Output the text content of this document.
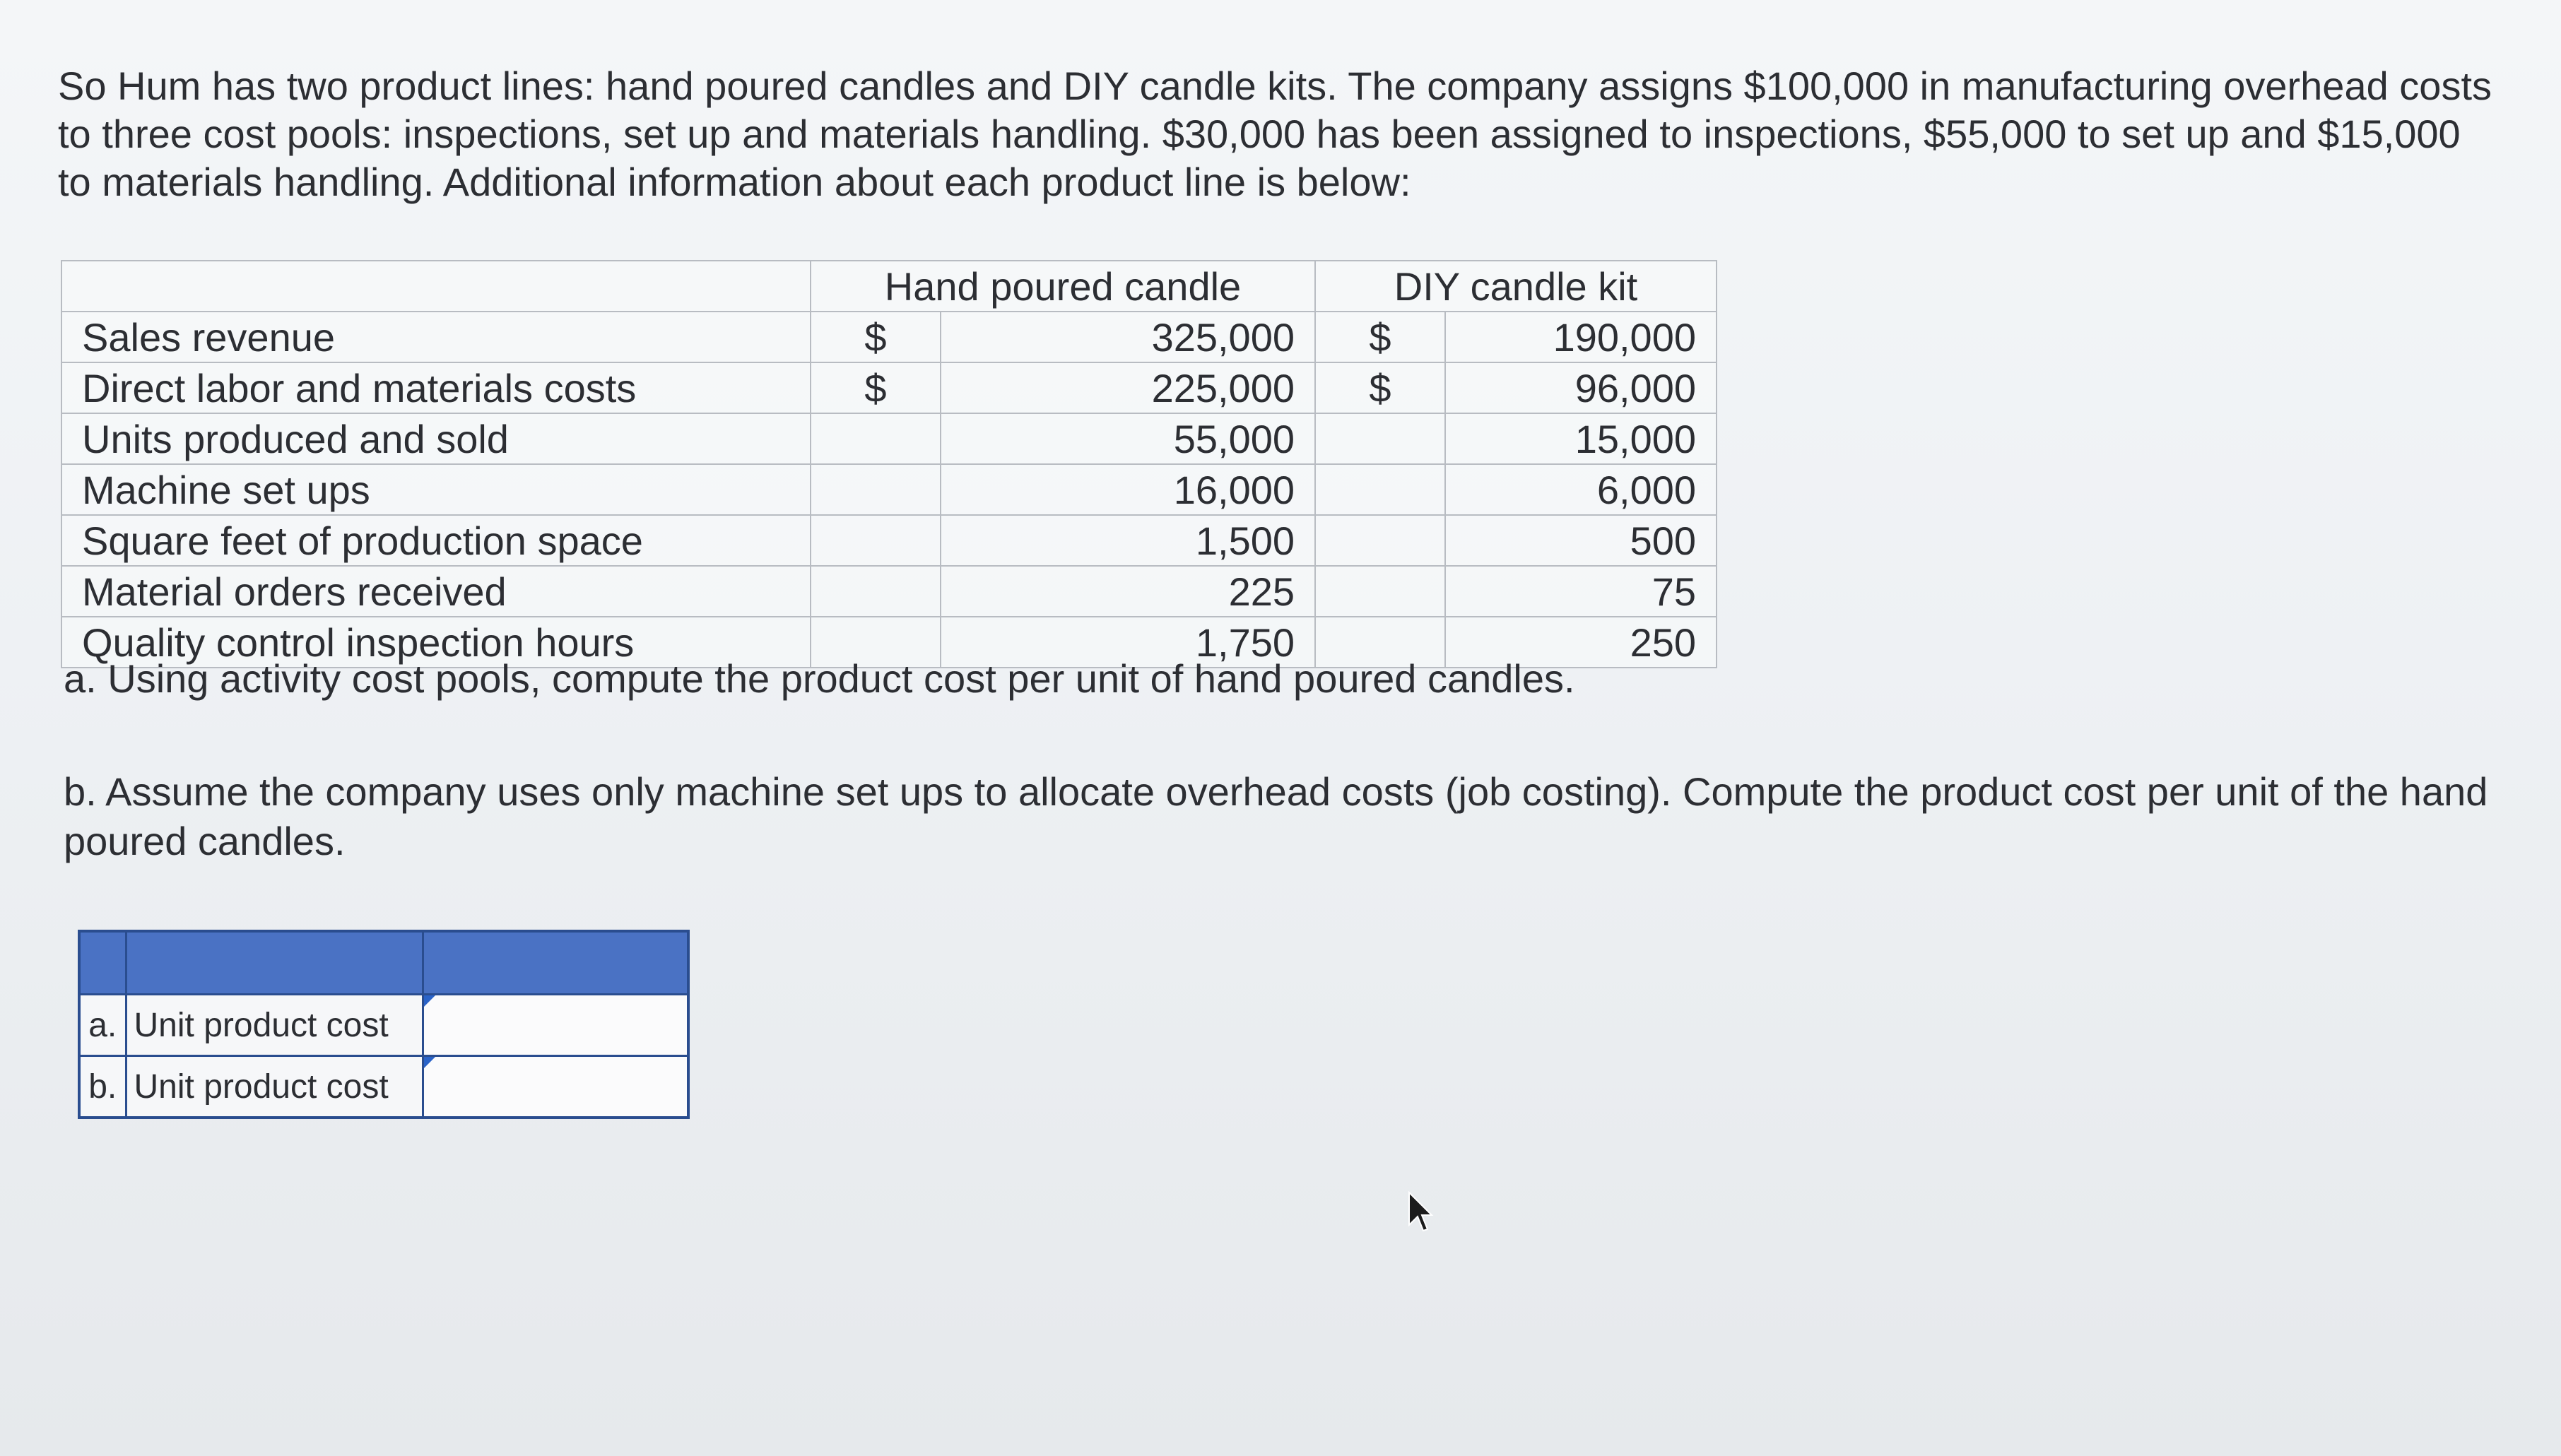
So Hum has two product lines: hand poured candles and DIY candle kits. The company assigns $100,000 in manufacturing overhead costs to three cost pools: inspections, set up and materials handling. $30,000 has been assigned to inspections, $55,000 to set up and $15,000 to materials handling. Additional information about each product line is below:

	Hand poured candle		DIY candle kit	
Sales revenue	$	325,000	$	190,000
Direct labor and materials costs	$	225,000	$	96,000
Units produced and sold		55,000		15,000
Machine set ups		16,000		6,000
Square feet of production space		1,500		500
Material orders received		225		75
Quality control inspection hours		1,750		250

a. Using activity cost pools, compute the product cost per unit of hand poured candles.

b. Assume the company uses only machine set ups to allocate overhead costs (job costing). Compute the product cost per unit of the hand poured candles.

a.	Unit product cost	
b.	Unit product cost	
